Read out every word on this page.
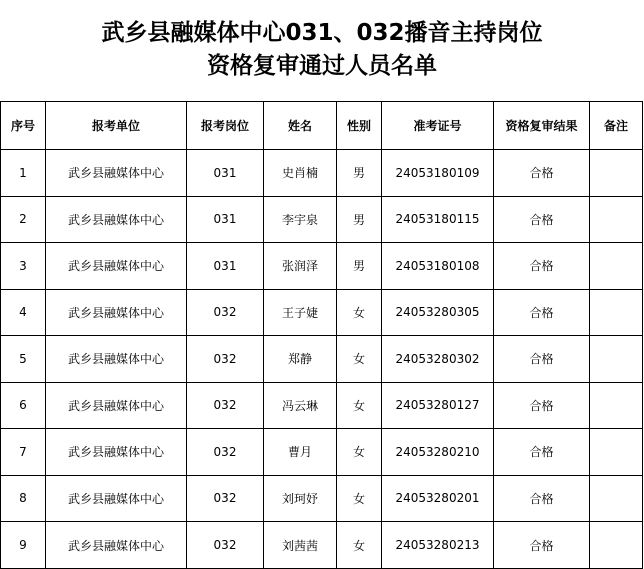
武乡县融媒体中心031、032播音主持岗位
资格复审通过人员名单
序号	报考单位	报考岗位	姓名	性别	准考证号	资格复审结果	备注
1	武乡县融媒体中心	031	史肖楠	男	24053180109	合格	
2	武乡县融媒体中心	031	李宇泉	男	24053180115	合格	
3	武乡县融媒体中心	031	张润泽	男	24053180108	合格	
4	武乡县融媒体中心	032	王子婕	女	24053280305	合格	
5	武乡县融媒体中心	032	郑静	女	24053280302	合格	
6	武乡县融媒体中心	032	冯云琳	女	24053280127	合格	
7	武乡县融媒体中心	032	曹月	女	24053280210	合格	
8	武乡县融媒体中心	032	刘珂妤	女	24053280201	合格	
9	武乡县融媒体中心	032	刘茜茜	女	24053280213	合格	
